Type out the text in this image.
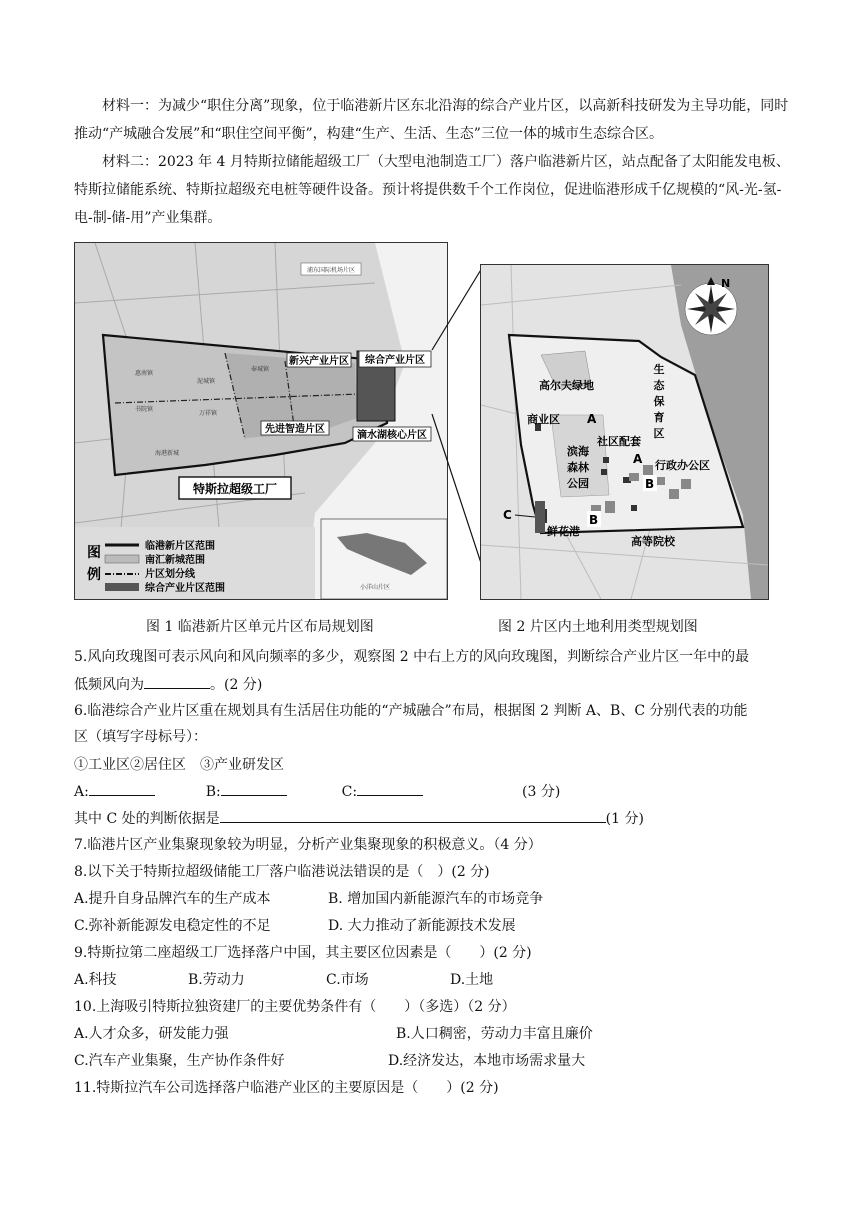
材料一：为减少“职住分离”现象，位于临港新片区东北沿海的综合产业片区，以高新科技研发为主导功能，同时推动“产城融合发展”和“职住空间平衡”，构建“生产、生活、生态”三位一体的城市生态综合区。
材料二：2023 年 4 月特斯拉储能超级工厂（大型电池制造工厂）落户临港新片区，站点配备了太阳能发电板、特斯拉储能系统、特斯拉超级充电桩等硬件设备。预计将提供数千个工作岗位，促进临港形成千亿规模的“风-光-氢-电-制-储-用”产业集群。
浦东国际机场片区
惠南镇
泥城镇
书院镇
万祥镇
奉城镇
海港新城
新兴产业片区 综合产业片区
先进智造片区
滴水湖核心片区
特斯拉超级工厂
小洋山片区
图
例
临港新片区范围
南汇新城范围
片区划分线
综合产业片区范围
N
高尔夫绿地
生
态
保
育
区
商业区 A
滨海
森林
公园
社区配套
A 行政办公区
B
B
C
鲜花港
高等院校
图 1 临港新片区单元片区布局规划图	图 2 片区内土地利用类型规划图
5.风向玫瑰图可表示风向和风向频率的多少，观察图 2 中右上方的风向玫瑰图，判断综合产业片区一年中的最
低频风向为	。(2 分)
6.临港综合产业片区重在规划具有生活居住功能的“产城融合”布局，根据图 2 判断 A、B、C 分别代表的功能
区（填写字母标号）：
①工业区②居住区　③产业研发区
A:	B:	C:	(3 分)
其中 C 处的判断依据是	(1 分)
7.临港片区产业集聚现象较为明显，分析产业集聚现象的积极意义。（4 分）
8.以下关于特斯拉超级储能工厂落户临港说法错误的是（　）(2 分)
A.提升自身品牌汽车的生产成本	B. 增加国内新能源汽车的市场竞争
C.弥补新能源发电稳定性的不足	D. 大力推动了新能源技术发展
9.特斯拉第二座超级工厂选择落户中国，其主要区位因素是（　　）(2 分)
A.科技	B.劳动力	C.市场	D.土地
10.上海吸引特斯拉独资建厂的主要优势条件有（　　）（多选）（2 分）
A.人才众多，研发能力强	B.人口稠密，劳动力丰富且廉价
C.汽车产业集聚，生产协作条件好	D.经济发达，本地市场需求量大
11.特斯拉汽车公司选择落户临港产业区的主要原因是（　　）(2 分)
